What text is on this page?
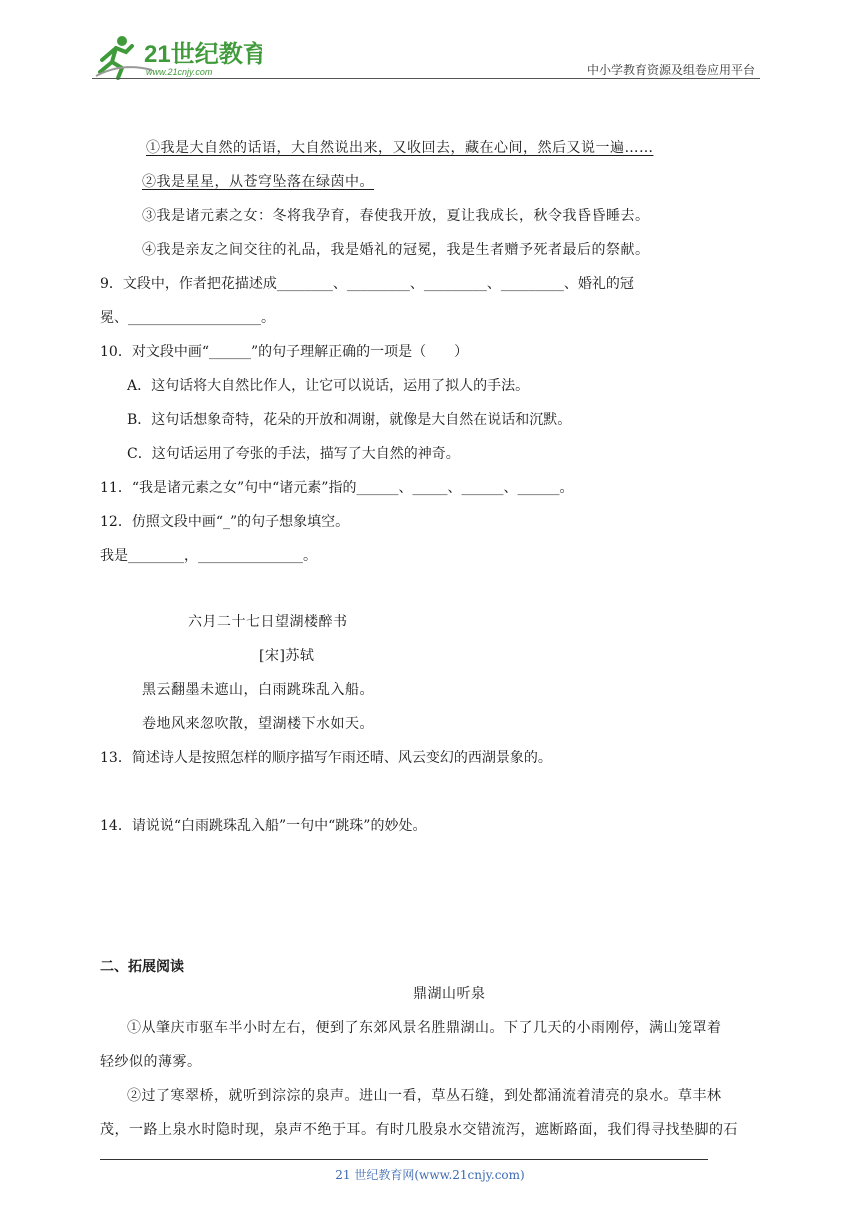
21世纪教育
www.21cnjy.com	中小学教育资源及组卷应用平台
①我是大自然的话语，大自然说出来，又收回去，藏在心间，然后又说一遍……
②我是星星，从苍穹坠落在绿茵中。
③我是诸元素之女：冬将我孕育，春使我开放，夏让我成长，秋令我昏昏睡去。
④我是亲友之间交往的礼品，我是婚礼的冠冕，我是生者赠予死者最后的祭献。
9．文段中，作者把花描述成________、_________、_________、_________、婚礼的冠
冕、___________________。
10．对文段中画“______”的句子理解正确的一项是（　　）
A．这句话将大自然比作人，让它可以说话，运用了拟人的手法。
B．这句话想象奇特，花朵的开放和凋谢，就像是大自然在说话和沉默。
C．这句话运用了夸张的手法，描写了大自然的神奇。
11．“我是诸元素之女”句中“诸元素”指的______、_____、______、______。
12．仿照文段中画“_”的句子想象填空。
我是________，_______________。
六月二十七日望湖楼醉书
[宋]苏轼
黑云翻墨未遮山，白雨跳珠乱入船。
卷地风来忽吹散，望湖楼下水如天。
13．简述诗人是按照怎样的顺序描写乍雨还晴、风云变幻的西湖景象的。
14．请说说“白雨跳珠乱入船”一句中“跳珠”的妙处。
二、拓展阅读
鼎湖山听泉
①从肇庆市驱车半小时左右，便到了东郊风景名胜鼎湖山。下了几天的小雨刚停，满山笼罩着
轻纱似的薄雾。
②过了寒翠桥，就听到淙淙的泉声。进山一看，草丛石缝，到处都涌流着清亮的泉水。草丰林
茂，一路上泉水时隐时现，泉声不绝于耳。有时几股泉水交错流泻，遮断路面，我们得寻找垫脚的石
21 世纪教育网(www.21cnjy.com)
